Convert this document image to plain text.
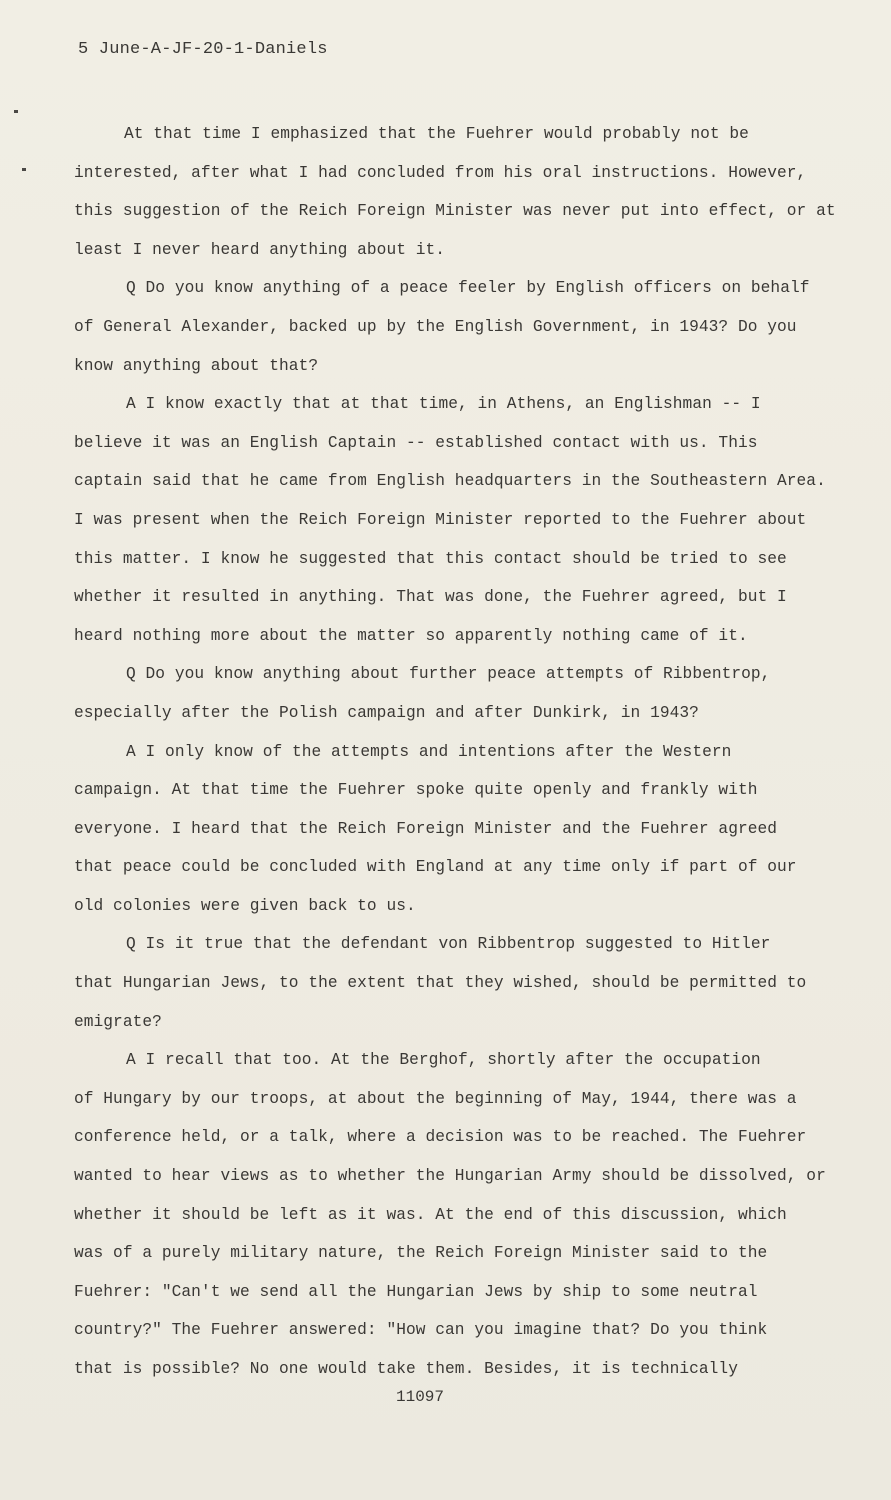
5 June-A-JF-20-1-Daniels
At that time I emphasized that the Fuehrer would probably not be
interested, after what I had concluded from his oral instructions. However,
this suggestion of the Reich Foreign Minister was never put into effect, or at
least I never heard anything about it.
Q Do you know anything of a peace feeler by English officers on behalf
of General Alexander, backed up by the English Government, in 1943? Do you
know anything about that?
A I know exactly that at that time, in Athens, an Englishman -- I
believe it was an English Captain -- established contact with us. This
captain said that he came from English headquarters in the Southeastern Area.
I was present when the Reich Foreign Minister reported to the Fuehrer about
this matter. I know he suggested that this contact should be tried to see
whether it resulted in anything. That was done, the Fuehrer agreed, but I
heard nothing more about the matter so apparently nothing came of it.
Q Do you know anything about further peace attempts of Ribbentrop,
especially after the Polish campaign and after Dunkirk, in 1943?
A I only know of the attempts and intentions after the Western
campaign. At that time the Fuehrer spoke quite openly and frankly with
everyone. I heard that the Reich Foreign Minister and the Fuehrer agreed
that peace could be concluded with England at any time only if part of our
old colonies were given back to us.
Q Is it true that the defendant von Ribbentrop suggested to Hitler
that Hungarian Jews, to the extent that they wished, should be permitted to
emigrate?
A I recall that too. At the Berghof, shortly after the occupation
of Hungary by our troops, at about the beginning of May, 1944, there was a
conference held, or a talk, where a decision was to be reached. The Fuehrer
wanted to hear views as to whether the Hungarian Army should be dissolved, or
whether it should be left as it was. At the end of this discussion, which
was of a purely military nature, the Reich Foreign Minister said to the
Fuehrer: "Can't we send all the Hungarian Jews by ship to some neutral
country?" The Fuehrer answered: "How can you imagine that? Do you think
that is possible? No one would take them. Besides, it is technically
11097
